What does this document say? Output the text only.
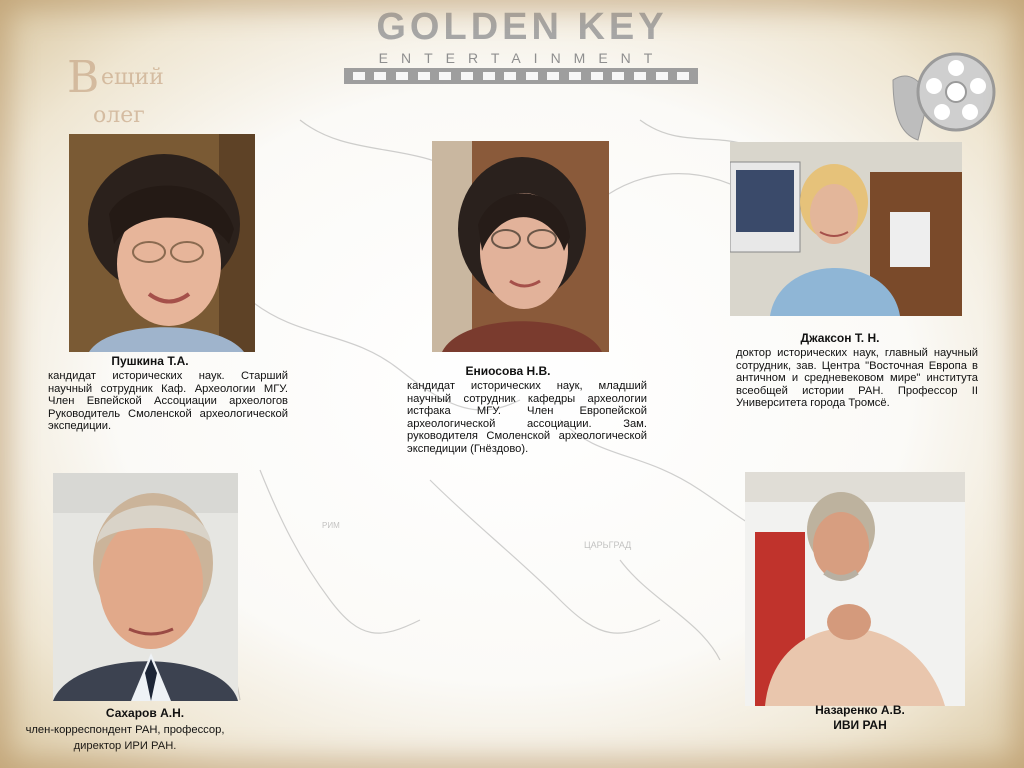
ЦАРЬГРАД
РИМ
GOLDEN KEY
ENTERTAINMENT
В ещий
олег
Пушкина Т.А.
кандидат исторических наук. Старший научный сотрудник Каф. Археологии МГУ. Член Евпейской Ассоциации археологов Руководитель Смоленской археологической экспедиции.
Ениосова Н.В.
кандидат исторических наук, младший научный сотрудник кафедры археологии истфака МГУ. Член Европейской археологической ассоциации. Зам. руководителя Смоленской археологической экспедиции (Гнёздово).
Джаксон Т. Н.
доктор исторических наук, главный научный сотрудник, зав. Центра "Восточная Европа в античном и средневековом мире" института всеобщей истории РАН. Профессор II Университета города Тромсё.
Сахаров А.Н.
член-корреспондент РАН, профессор,
директор ИРИ РАН.
Назаренко А.В.
ИВИ РАН
